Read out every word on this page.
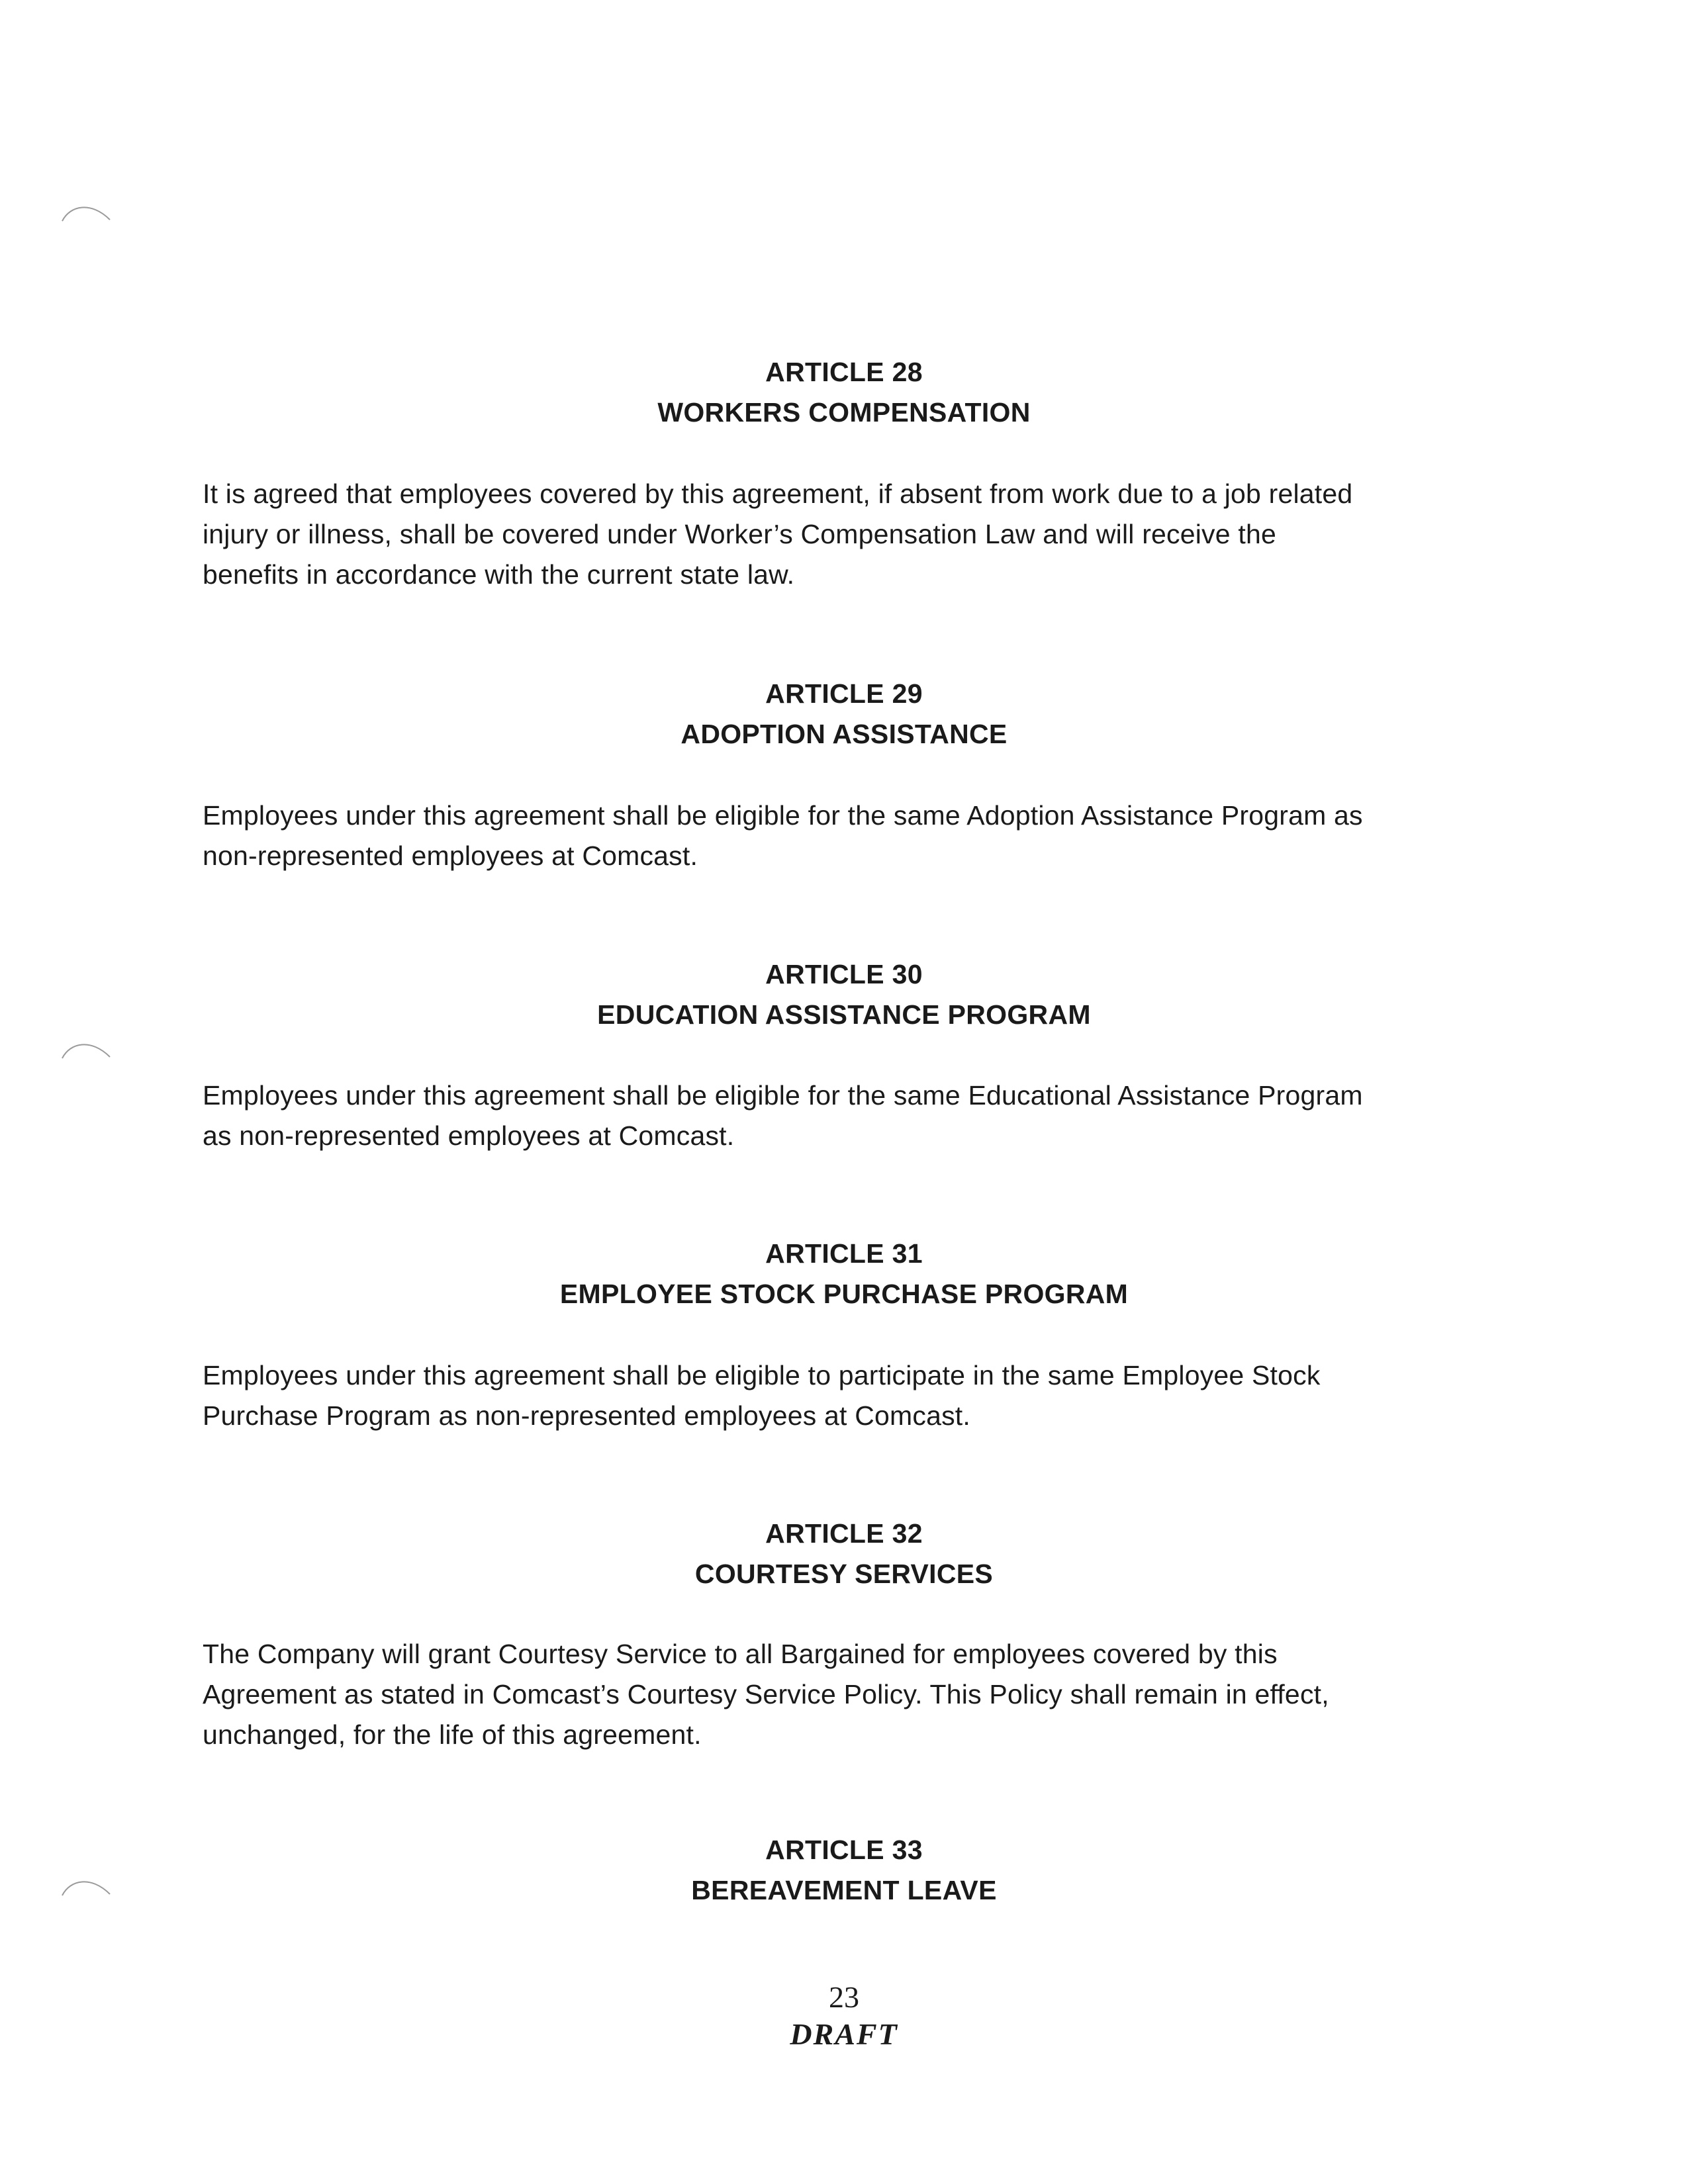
ARTICLE 28
WORKERS COMPENSATION
It is agreed that employees covered by this agreement, if absent from work due to a job related
injury or illness, shall be covered under Worker’s Compensation Law and will receive the
benefits in accordance with the current state law.
ARTICLE 29
ADOPTION ASSISTANCE
Employees under this agreement shall be eligible for the same Adoption Assistance Program as
non-represented employees at Comcast.
ARTICLE 30
EDUCATION ASSISTANCE PROGRAM
Employees under this agreement shall be eligible for the same Educational Assistance Program
as non-represented employees at Comcast.
ARTICLE 31
EMPLOYEE STOCK PURCHASE PROGRAM
Employees under this agreement shall be eligible to participate in the same Employee Stock
Purchase Program as non-represented employees at Comcast.
ARTICLE 32
COURTESY SERVICES
The Company will grant Courtesy Service to all Bargained for employees covered by this
Agreement as stated in Comcast’s Courtesy Service Policy. This Policy shall remain in effect,
unchanged, for the life of this agreement.
ARTICLE 33
BEREAVEMENT LEAVE
23
DRAFT
